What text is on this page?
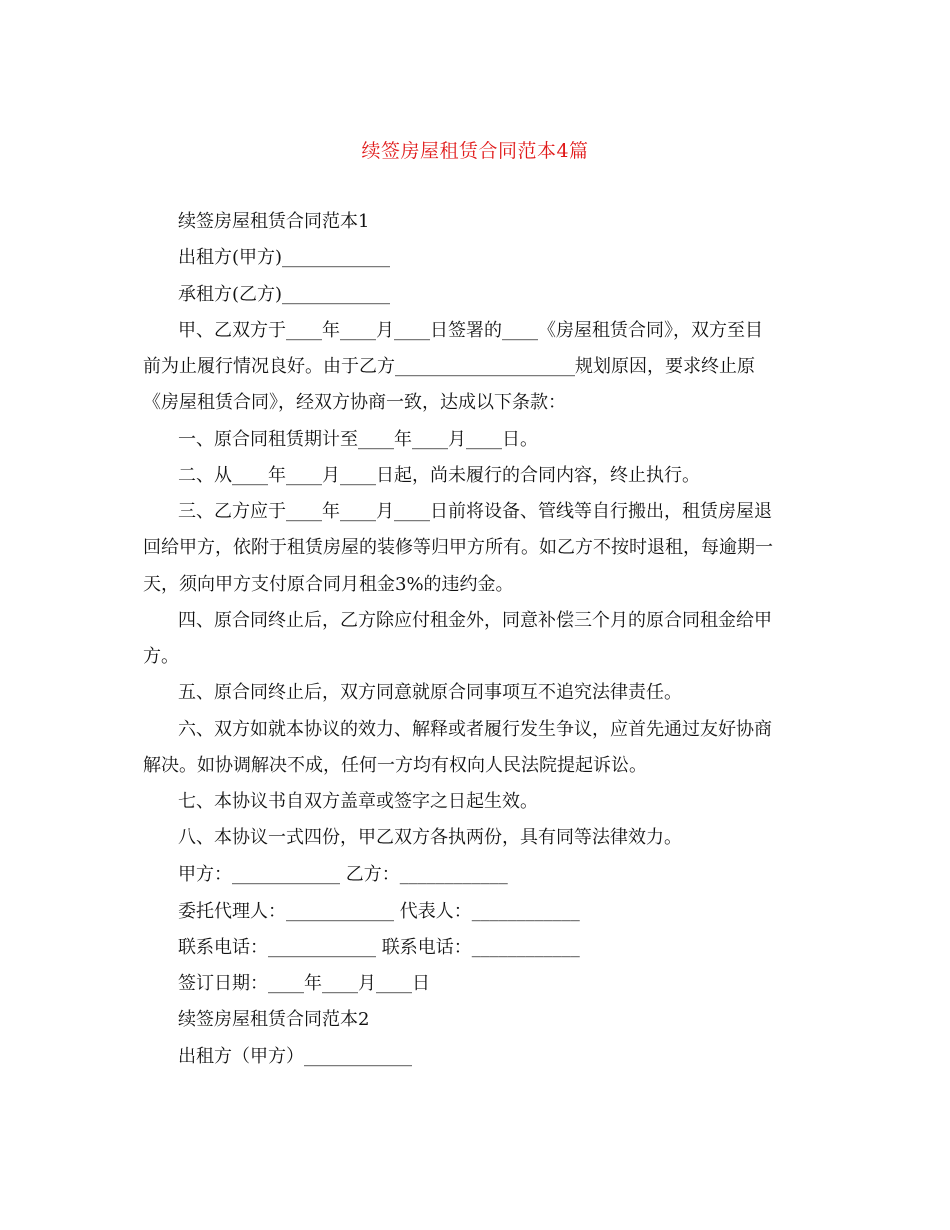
续签房屋租赁合同范本4篇
续签房屋租赁合同范本1
出租方(甲方)____________
承租方(乙方)____________
甲、乙双方于____年____月____日签署的____《房屋租赁合同》，双方至目
前为止履行情况良好。由于乙方____________________规划原因，要求终止原
《房屋租赁合同》，经双方协商一致，达成以下条款：
一、原合同租赁期计至____年____月____日。
二、从____年____月____日起，尚未履行的合同内容，终止执行。
三、乙方应于____年____月____日前将设备、管线等自行搬出，租赁房屋退
回给甲方，依附于租赁房屋的装修等归甲方所有。如乙方不按时退租，每逾期一
天，须向甲方支付原合同月租金3%的违约金。
四、原合同终止后，乙方除应付租金外，同意补偿三个月的原合同租金给甲
方。
五、原合同终止后，双方同意就原合同事项互不追究法律责任。
六、双方如就本协议的效力、解释或者履行发生争议，应首先通过友好协商
解决。如协调解决不成，任何一方均有权向人民法院提起诉讼。
七、本协议书自双方盖章或签字之日起生效。
八、本协议一式四份，甲乙双方各执两份，具有同等法律效力。
甲方：____________ 乙方：____________
委托代理人：____________ 代表人：____________
联系电话：____________ 联系电话：____________
签订日期：____年____月____日
续签房屋租赁合同范本2
出租方（甲方）____________
